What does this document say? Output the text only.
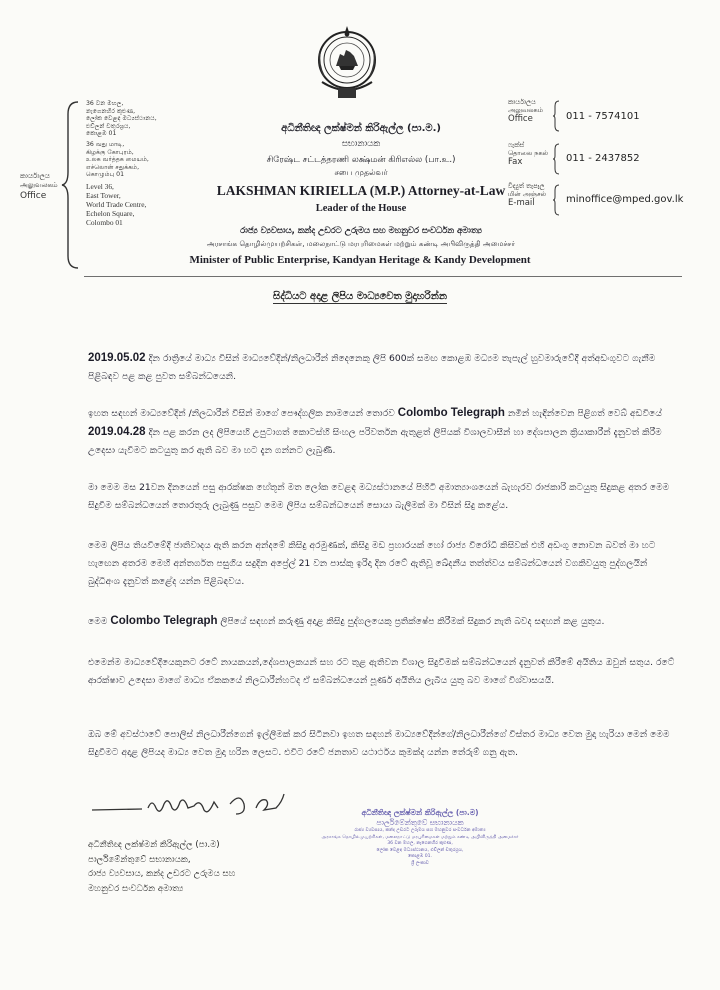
කාර්යාලය
அலுவலகம்
Office
36 වන මහල,
නැගෙනහිර කුළුණ,
ලෝක වෙළඳ මධ්‍යස්ථානය,
එච්ලන් චතුරශ්‍රය,
කොළඹ 01
36 வது மாடி,
கிழக்கு கோபுரம்,
உலக வர்த்தக மையம்,
எச்லொன் சதுக்கம்,
கொழும்பு 01
Level 36,
East Tower,
World Trade Centre,
Echelon Square,
Colombo 01
අධිනීතිඥ ලක්ෂ්මන් කිරිඇල්ල (පා.ම.)
සභානායක
சிரேஷ்ட சட்டத்தரணி லக்ஷ்மன் கிரிஎல்ல (பா.உ.)
சபை முதல்வர்
LAKSHMAN KIRIELLA (M.P.) Attorney-at-Law
Leader of the House
රාජ්‍ය ව්‍යවසාය, කන්ද උඩරට උරුමය සහ මහනුවර සංවර්ධන අමාත්‍ය
அரசாங்க தொழில்முயற்சிகள், மலைநாட்டு மரபுரிமைகள் மற்றும் கண்டி அபிவிருத்தி அமைச்சர்
Minister of Public Enterprise, Kandyan Heritage & Kandy Development
කාර්යාලය
அலுவலகம்
Office	011 - 7574101
ෆැක්ස්
தொலை நகல்
Fax	011 - 2437852
විද්‍යුත් තැපෑල
மின் அஞ்சல்
E-mail	minoffice@mped.gov.lk
සිද්ධියට අදාළ ලිපිය මාධ්‍යවෙත මුදාහරින්න
2019.05.02 දින රාත්‍රියේ මාධ්‍ය විසින් මාධ්‍යවේදීන්/නිලධාරීන් නිදෙනෙකු ලිපි 600ක් සමඟ කොළඹ මධ්‍යම තැපැල් හුවමාරුවේදී අත්අඩංගුවට ගැනීම පිළිබඳව පළ කළ පුවත සම්බන්ධයෙනි.
ඉහත සඳහන් මාධ්‍යවේදීන් /නිලධාරීන් විසින් මාගේ පෞද්ගලික නාමයෙන් තොරව Colombo Telegraph නමින් හැඳින්වෙන පිළිගත් වෙබ් අඩවියේ 2019.04.28 දින පළ කරන ලද ලිපියෙහි උපුටාගත් කොටස්හි සිංහල පරිවර්තන ඇතුළත් ලිපියක් විශාලවාසීන් හා දේශපාලන ක්‍රියාකාරීන් දැනුවත් කිරීම උදෙසා යැවීමට කටයුතු කර ඇති බව මා හට දැන ගන්නට ලැබුණි.
මා මෙම මස 21වන දිනයෙන් පසු ආරක්ෂක හේතූන් මත ලෝක වෙළඳ මධ්‍යස්ථානයේ පිහිටි අමාත්‍යාංශයෙන් බැහැරව රාජකාරි කටයුතු සිදුකළ අතර මෙම සිදුවීම සම්බන්ධයෙන් තොරතුරු ලැබුණු පසුව මෙම ලිපිය සම්බන්ධයෙන් සොයා බැලීමක් මා විසින් සිදු කළේය.
මෙම ලිපිය තියවීමේදී ජාතිවාදය ඇති කරන අන්දමේ කිසිදු අරමුණක්, කිසිදු මඩ ප්‍රහාරයක් හෝ රාජ්‍ය විරෝධී කිසිවක් එහි අඩංගු නොවන බවත් මා හට හැඟෙන අතරම මෙහි අන්තර්ගත පසුගිය සදුදින අප්‍රේල් 21 වන පාස්කු ඉරිදා දින රටේ ඇතිවූ ඛේදනීය තත්ත්වය සම්බන්ධයෙන් වගකිවයුතු පුද්ගලයින් බුද්ධිඅංශ දැනුවත් කළේද යන්න පිළිබඳවය.
මෙම Colombo Telegraph ලිපියේ සඳහන් කරුණු අදාළ කිසිදු පුද්ගලයෙකු ප්‍රතික්ෂේප කිරීමක් සිදුකර නැති බවද සඳහන් කළ යුතුය.
එමෙන්ම මාධ්‍යවේදීයෙකුනට රටේ නායකයන්,දේශපාලකයන් සහ රට තුළ ඇතිවන විශාල සිදුවීමක් සම්බන්ධයෙන් දැනුවත් කිරීමේ අයිතිය ඔවුන් සතුය. රටේ ආරක්ෂාව උදෙසා මාගේ මාධ්‍ය ඒකකයේ නිලධාරීන්හටද ඒ සම්බන්ධයෙන් පූර්ණ අයිතිය ලැබිය යුතු බව මාගේ විශ්වාසයයි.
ඔබ මේ අවස්ථාවේ පොලිස් නිලධාරීන්ගෙන් ඉල්ලීමක් කර සිටිනවා ඉහත සඳහන් මාධ්‍යවේදීන්ගේ/නිලධාරීන්ගේ විස්තර මාධ්‍ය වෙත මුදා හැරියා මෙන් මෙම සිදුවීමට අදාළ ලිපියද මාධ්‍ය වෙත මුදා හරින ලෙසට. එවිට රටේ ජනතාව යථාර්ථය කුමක්ද යන්න තේරුම් ගනු ඇත.
අධිනීතිඥ ලක්ෂ්මන් කිරිඇල්ල (පා.ම)
පාර්ලිමේන්තුවේ සභානායක
රාජ්‍ය ව්‍යවසාය, කන්ද උඩරට උරුමය සහ මහනුවර සංවර්ධන අමාත්‍ය
அரசாங்க தொழில்முயற்சிகள், மலைநாட்டு மரபுரிமைகள் மற்றும் கண்டி அபிவிருத்தி அமைச்சர்
36 වන මහල, නැගෙනහිර කුළුණ,
ලෝක වෙළඳ මධ්‍යස්ථානය, එච්ලන් චතුරශ්‍රය,
කොළඹ 01.
ශ්‍රී ලංකාව
අධිනීතිඥ ලක්ෂ්මන් කිරිඇල්ල (පා.ම)
පාර්ලිමේන්තුවේ සභානායක,
රාජ්‍ය ව්‍යවසාය, කන්ද උඩරට උරුමය සහ
මහනුවර සංවර්ධන අමාත්‍ය
